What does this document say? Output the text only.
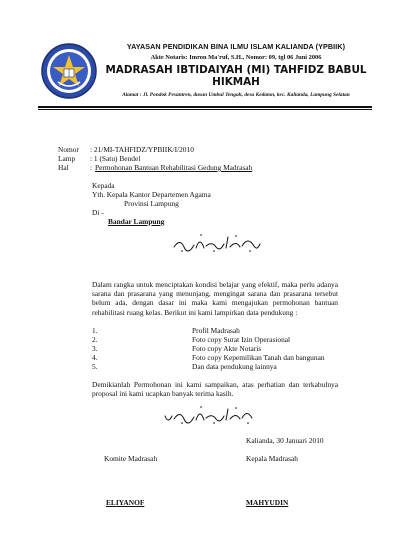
YAYASAN PENDIDIKAN BINA ILMU ISLAM KALIANDA (YPBIIK)
Akte Notaris: Imron Ma'ruf, S.H., Nomor: 09, tgl 06 Juni 2006
MADRASAH IBTIDAIYAH (MI) TAHFIDZ BABUL HIKMAH
Alamat : Jl. Pondok Pesantren, dusun Umbul Tengah, desa Kedaton, kec. Kalianda, Lampung Selatan
Nomor : 21/MI-TAHFIDZ/YPBIIK/I/2010
Lamp : 1 (Satu) Bendel
Hal	: Permohonan Bantuan Rehabilitasi Gedung Madrasah
Kepada
Yth. Kepala Kantor Departemen Agama
Provinsi Lampung
Di -
Bandar Lampung
Dalam rangka untuk menciptakan kondisi belajar yang efektif, maka perlu adanya sarana dan prasarana yang menunjang, mengingat sarana dan prasarana tersebut belum ada, dengan dasar ini maka kami mengajukan permohonan bantuan rehabilitasi ruang kelas. Berikut ini kami lampirkan data pendukung :
1.	Profil Madrasah
2.	Foto copy Surat Izin Operasional
3.	Foto copy Akte Notaris
4.	Foto copy Kepemilikan Tanah dan bangunan
5.	Dan data pendukung lainnya
Demikianlah Permohonan ini kami sampaikan, atas perhatian dan terkabulnya proposal ini kami ucapkan banyak terima kasih.
Kalianda, 30 Januari 2010
Komite Madrasah	Kepala Madrasah
ELIYANOF	MAHYUDIN
